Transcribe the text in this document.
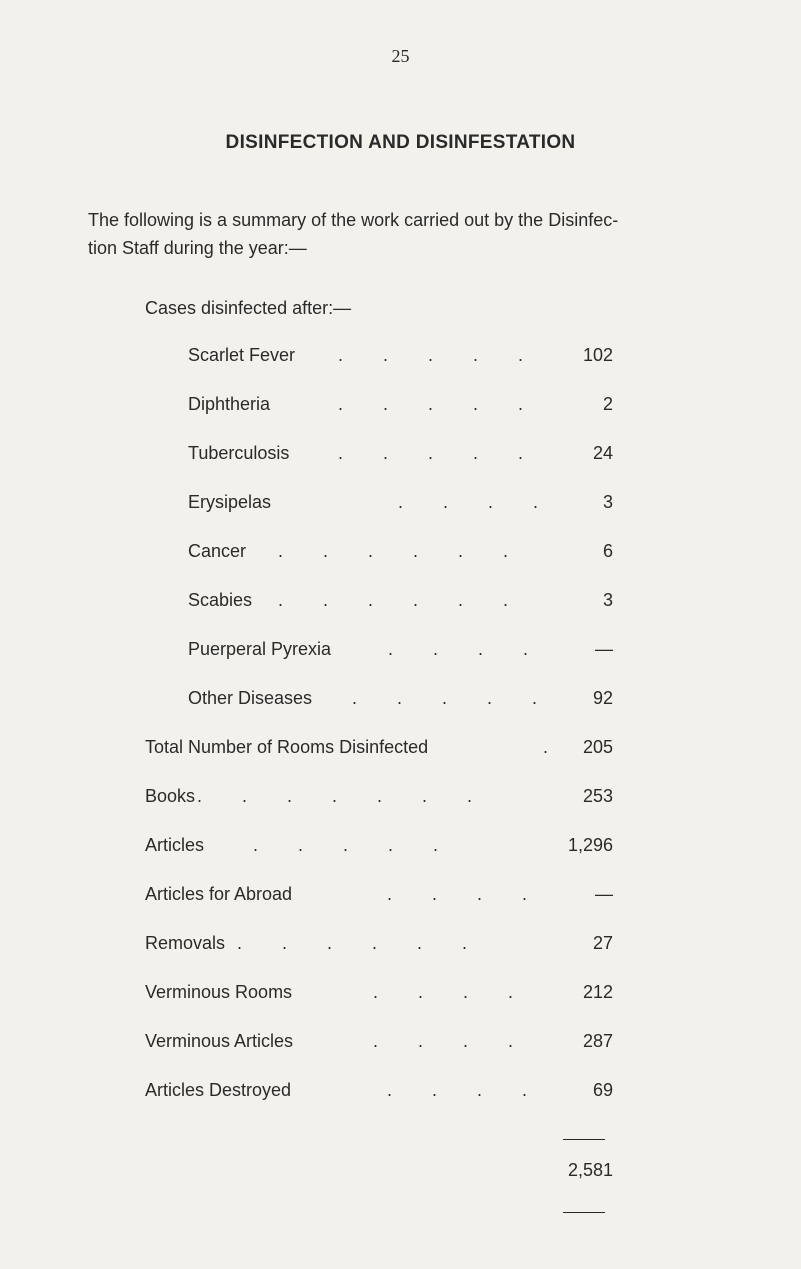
25
DISINFECTION AND DISINFESTATION

The following is a summary of the work carried out by the Disinfec-

tion Staff during the year:—

Cases disinfected after:—
Scarlet Fever .        .        .        .        .	102
Diphtheria	.        .        .        .        .	2
Tuberculosis	.        .        .        .        .	24
Erysipelas	.        .        .        .	3
Cancer .        .        .        .        .        .	6
Scabies .        .        .        .        .        .	3
Puerperal Pyrexia	.        .        .        .	—
Other Diseases .        .        .        .        .	92
Total Number of Rooms Disinfected	. 205
Books .        .        .        .        .        .        .	253
Articles	.        .        .        .        .	1,296
Articles for Abroad	.        .        .        .	—
Removals .        .        .        .        .        .	27
Verminous Rooms	.        .        .        .	212
Verminous Articles	.        .        .        .	287
Articles Destroyed	.        .        .        .	69
2,581
